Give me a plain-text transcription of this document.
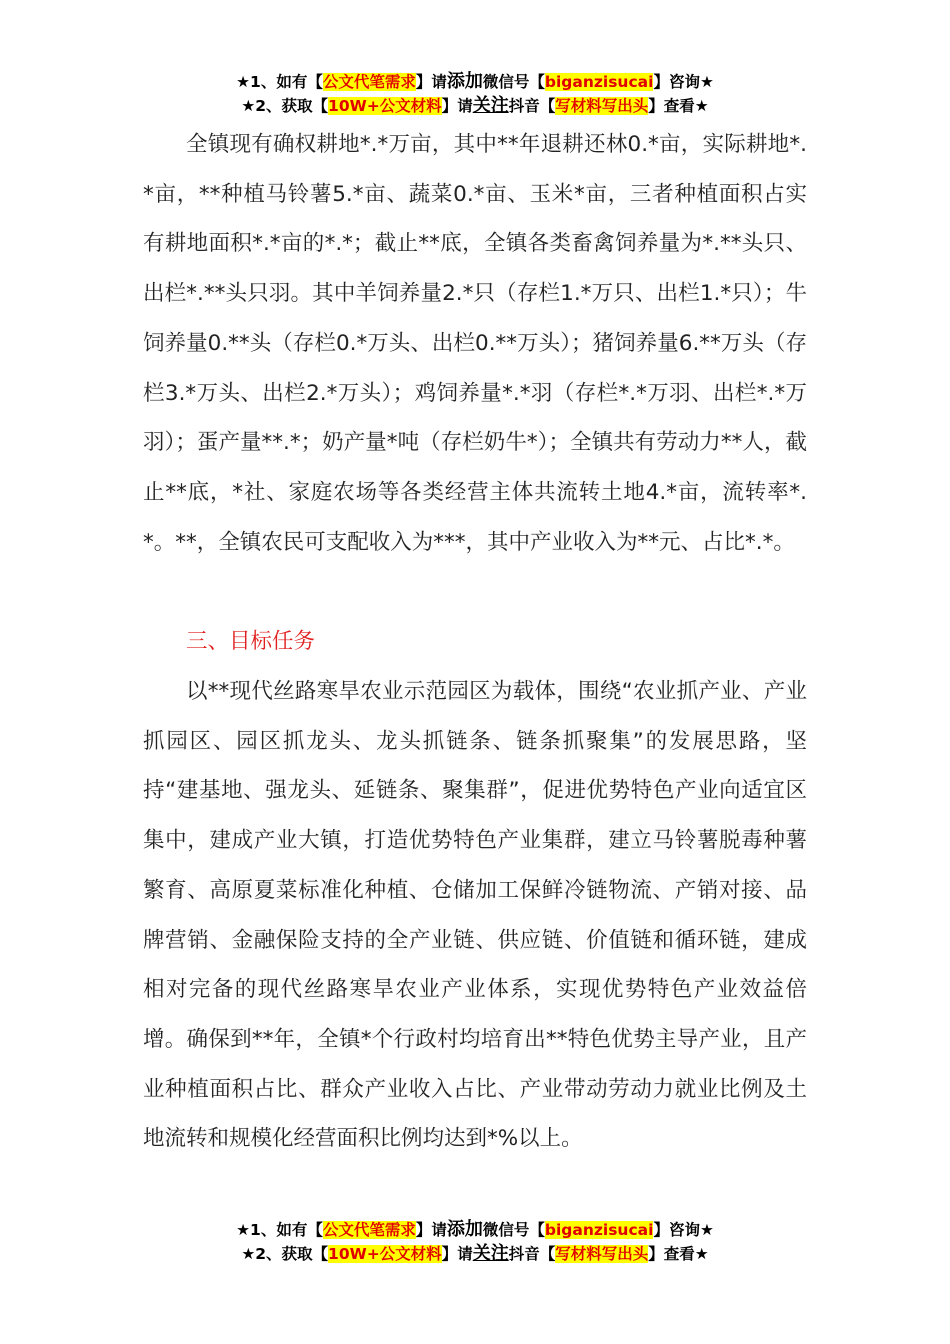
★1、如有【公文代笔需求】请添加微信号【biganzisucai】咨询★
★2、获取【10W+公文材料】请关注抖音【写材料写出头】查看★

全镇现有确权耕地*.*万亩，其中**年退耕还林0.*亩，实际耕地*.*亩，**种植马铃薯5.*亩、蔬菜0.*亩、玉米*亩，三者种植面积占实有耕地面积*.*亩的*.*；截止**底，全镇各类畜禽饲养量为*.**头只、出栏*.**头只羽。其中羊饲养量2.*只（存栏1.*万只、出栏1.*只）；牛饲养量0.**头（存栏0.*万头、出栏0.**万头）；猪饲养量6.**万头（存栏3.*万头、出栏2.*万头）；鸡饲养量*.*羽（存栏*.*万羽、出栏*.*万羽）；蛋产量**.*；奶产量*吨（存栏奶牛*）；全镇共有劳动力**人，截止**底，*社、家庭农场等各类经营主体共流转土地4.*亩，流转率*.*。**，全镇农民可支配收入为***，其中产业收入为**元、占比*.*。

三、目标任务

以**现代丝路寒旱农业示范园区为载体，围绕“农业抓产业、产业抓园区、园区抓龙头、龙头抓链条、链条抓聚集”的发展思路，坚持“建基地、强龙头、延链条、聚集群”，促进优势特色产业向适宜区集中，建成产业大镇，打造优势特色产业集群，建立马铃薯脱毒种薯繁育、高原夏菜标准化种植、仓储加工保鲜冷链物流、产销对接、品牌营销、金融保险支持的全产业链、供应链、价值链和循环链，建成相对完备的现代丝路寒旱农业产业体系，实现优势特色产业效益倍增。确保到**年，全镇*个行政村均培育出**特色优势主导产业，且产业种植面积占比、群众产业收入占比、产业带动劳动力就业比例及土地流转和规模化经营面积比例均达到*%以上。

★1、如有【公文代笔需求】请添加微信号【biganzisucai】咨询★
★2、获取【10W+公文材料】请关注抖音【写材料写出头】查看★
